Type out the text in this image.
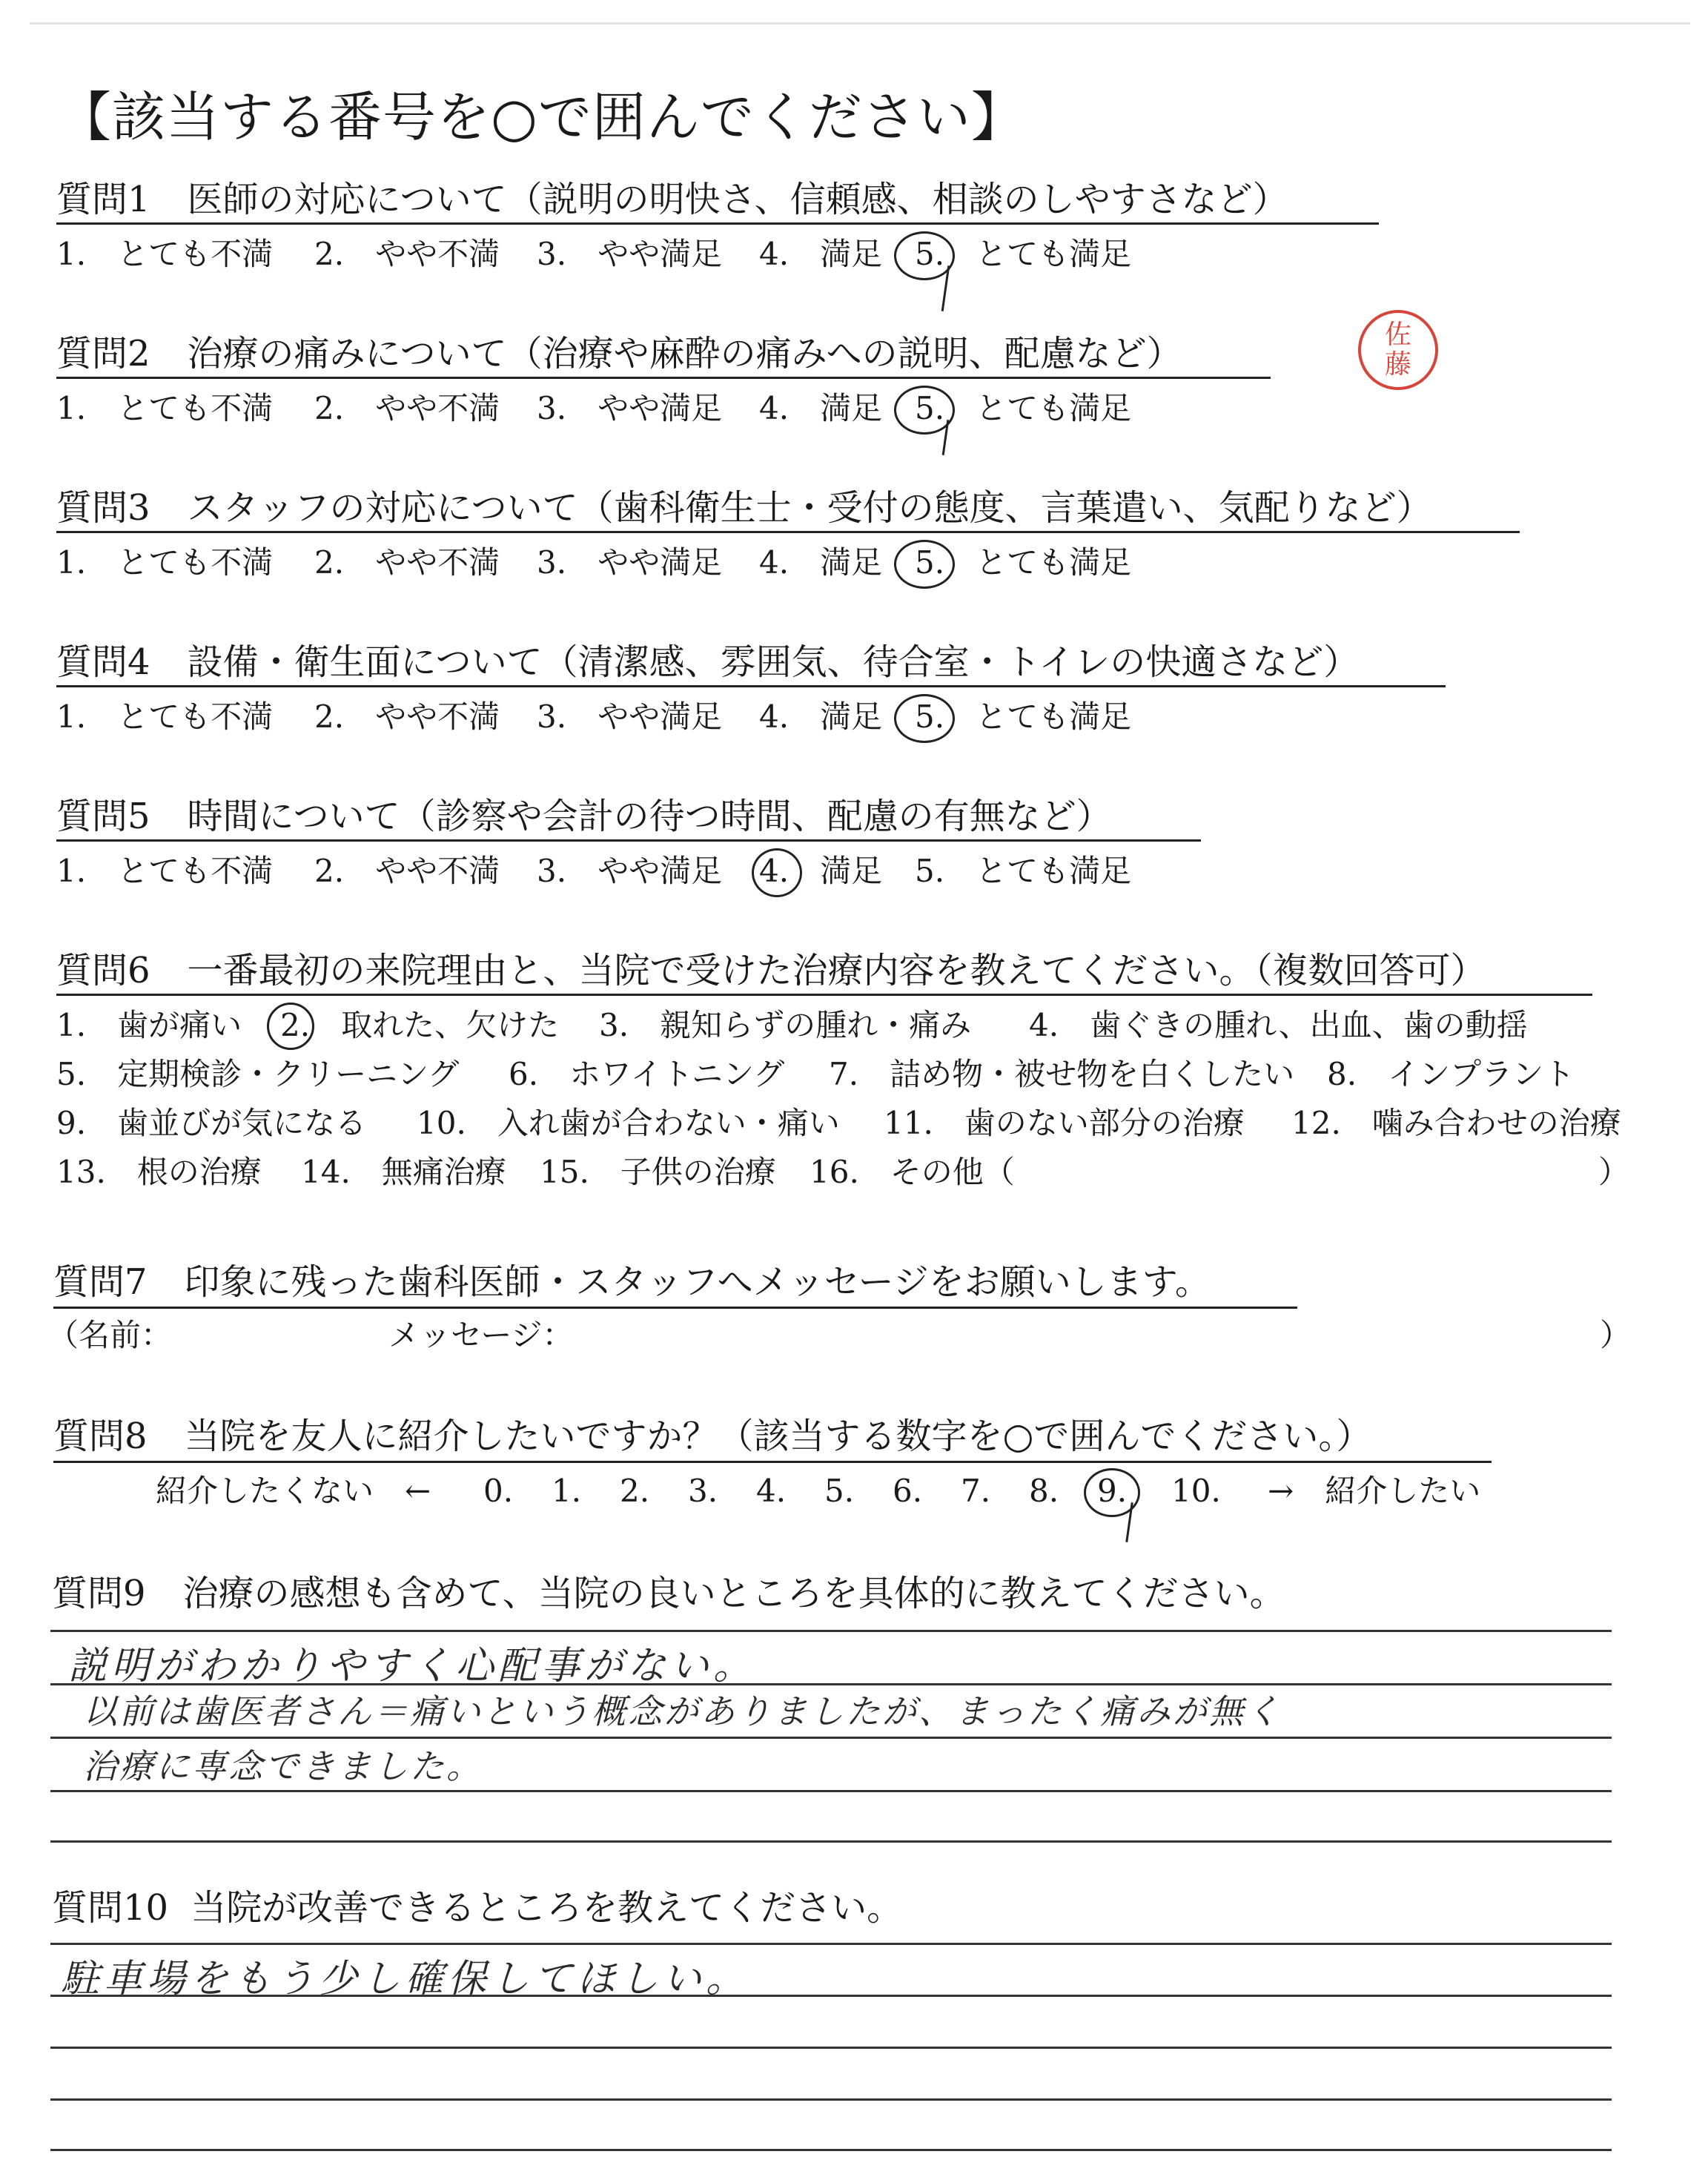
【該当する番号を○で囲んでください】
質問1 医師の対応について（説明の明快さ、信頼感、相談のしやすさなど）
1.　とても不満 2.　やや不満 3.　やや満足 4.　満足 5.　とても満足
佐
藤
質問2 治療の痛みについて（治療や麻酔の痛みへの説明、配慮など）
1.　とても不満 2.　やや不満 3.　やや満足 4.　満足 5.　とても満足
質問3 スタッフの対応について（歯科衛生士・受付の態度、言葉遣い、気配りなど）
1.　とても不満 2.　やや不満 3.　やや満足 4.　満足 5.　とても満足
質問4 設備・衛生面について（清潔感、雰囲気、待合室・トイレの快適さなど）
1.　とても不満 2.　やや不満 3.　やや満足 4.　満足 5.　とても満足
質問5 時間について（診察や会計の待つ時間、配慮の有無など）
1.　とても不満 2.　やや不満 3.　やや満足 4.　満足 5.　とても満足
質問6 一番最初の来院理由と、当院で受けた治療内容を教えてください。（複数回答可）
1.　歯が痛い 2.　取れた、欠けた 3.　親知らずの腫れ・痛み 4.　歯ぐきの腫れ、出血、歯の動揺
5.　定期検診・クリーニング 6.　ホワイトニング 7.　詰め物・被せ物を白くしたい 8.　インプラント
9.　歯並びが気になる 10.　入れ歯が合わない・痛い 11.　歯のない部分の治療 12.　噛み合わせの治療
13.　根の治療 14.　無痛治療 15.　子供の治療 16.　その他（	）
質問7 印象に残った歯科医師・スタッフへメッセージをお願いします。
（名前：	メッセージ：	）
質問8 当院を友人に紹介したいですか？（該当する数字を○で囲んでください。）
紹介したくない　← 0. 1. 2. 3. 4. 5. 6. 7. 8. 9. 10. →　紹介したい
質問9 治療の感想も含めて、当院の良いところを具体的に教えてください。
説明がわかりやすく心配事がない。
以前は歯医者さん＝痛いという概念がありましたが、まったく痛みが無く
治療に専念できました。
質問10 当院が改善できるところを教えてください。
駐車場をもう少し確保してほしい。
